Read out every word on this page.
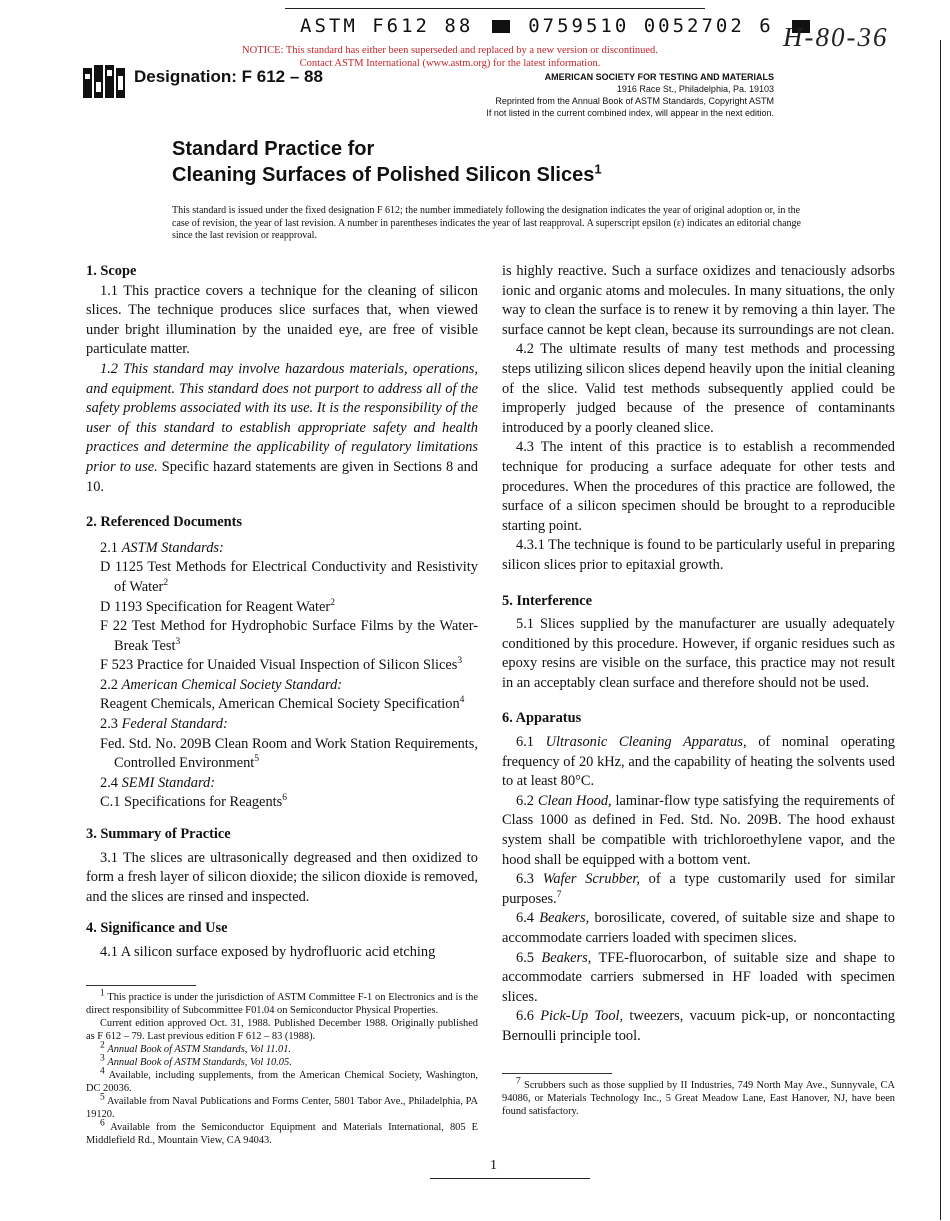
ASTM F612 88	0759510 0052702 6
NOTICE: This standard has either been superseded and replaced by a new version or discontinued.
Contact ASTM International (www.astm.org) for the latest information.
H-80-36
Designation: F 612 – 88	AMERICAN SOCIETY FOR TESTING AND MATERIALS
1916 Race St., Philadelphia, Pa. 19103
Reprinted from the Annual Book of ASTM Standards, Copyright ASTM
If not listed in the current combined index, will appear in the next edition.
Standard Practice for
Cleaning Surfaces of Polished Silicon Slices$^1$
This standard is issued under the fixed designation F 612; the number immediately following the designation indicates the year of original adoption or, in the case of revision, the year of last revision. A number in parentheses indicates the year of last reapproval. A superscript epsilon (ε) indicates an editorial change since the last revision or reapproval.

1. Scope

1.1 This practice covers a technique for the cleaning of silicon slices. The technique produces slice surfaces that, when viewed under bright illumination by the unaided eye, are free of visible particulate matter.

1.2 This standard may involve hazardous materials, operations, and equipment. This standard does not purport to address all of the safety problems associated with its use. It is the responsibility of the user of this standard to establish appropriate safety and health practices and determine the applicability of regulatory limitations prior to use. Specific hazard statements are given in Sections 8 and 10.

2. Referenced Documents

2.1 ASTM Standards:

D 1125 Test Methods for Electrical Conductivity and Resistivity of Water$^2$

D 1193 Specification for Reagent Water$^2$

F 22 Test Method for Hydrophobic Surface Films by the Water-Break Test$^3$

F 523 Practice for Unaided Visual Inspection of Silicon Slices$^3$

2.2 American Chemical Society Standard:

Reagent Chemicals, American Chemical Society Specification$^4$

2.3 Federal Standard:

Fed. Std. No. 209B Clean Room and Work Station Requirements, Controlled Environment$^5$

2.4 SEMI Standard:

C.1 Specifications for Reagents$^6$

3. Summary of Practice

3.1 The slices are ultrasonically degreased and then oxidized to form a fresh layer of silicon dioxide; the silicon dioxide is removed, and the slices are rinsed and inspected.

4. Significance and Use

4.1 A silicon surface exposed by hydrofluoric acid etching

$^1$ This practice is under the jurisdiction of ASTM Committee F-1 on Electronics and is the direct responsibility of Subcommittee F01.04 on Semiconductor Physical Properties.

Current edition approved Oct. 31, 1988. Published December 1988. Originally published as F 612 – 79. Last previous edition F 612 – 83 (1988).

$^2$ Annual Book of ASTM Standards, Vol 11.01.

$^3$ Annual Book of ASTM Standards, Vol 10.05.

$^4$ Available, including supplements, from the American Chemical Society, Washington, DC 20036.

$^5$ Available from Naval Publications and Forms Center, 5801 Tabor Ave., Philadelphia, PA 19120.

$^6$ Available from the Semiconductor Equipment and Materials International, 805 E Middlefield Rd., Mountain View, CA 94043.

is highly reactive. Such a surface oxidizes and tenaciously adsorbs ionic and organic atoms and molecules. In many situations, the only way to clean the surface is to renew it by removing a thin layer. The surface cannot be kept clean, because its surroundings are not clean.

4.2 The ultimate results of many test methods and processing steps utilizing silicon slices depend heavily upon the initial cleaning of the slice. Valid test methods subsequently applied could be improperly judged because of the presence of contaminants introduced by a poorly cleaned slice.

4.3 The intent of this practice is to establish a recommended technique for producing a surface adequate for other tests and procedures. When the procedures of this practice are followed, the surface of a silicon specimen should be brought to a reproducible starting point.

4.3.1 The technique is found to be particularly useful in preparing silicon slices prior to epitaxial growth.

5. Interference

5.1 Slices supplied by the manufacturer are usually adequately conditioned by this procedure. However, if organic residues such as epoxy resins are visible on the surface, this practice may not result in an acceptably clean surface and therefore should not be used.

6. Apparatus

6.1 Ultrasonic Cleaning Apparatus, of nominal operating frequency of 20 kHz, and the capability of heating the solvents used to at least 80°C.

6.2 Clean Hood, laminar-flow type satisfying the requirements of Class 1000 as defined in Fed. Std. No. 209B. The hood exhaust system shall be compatible with trichloroethylene vapor, and the hood shall be equipped with a bottom vent.

6.3 Wafer Scrubber, of a type customarily used for similar purposes.$^7$

6.4 Beakers, borosilicate, covered, of suitable size and shape to accommodate carriers loaded with specimen slices.

6.5 Beakers, TFE-fluorocarbon, of suitable size and shape to accommodate carriers submersed in HF loaded with specimen slices.

6.6 Pick-Up Tool, tweezers, vacuum pick-up, or noncontacting Bernoulli principle tool.

$^7$ Scrubbers such as those supplied by II Industries, 749 North May Ave., Sunnyvale, CA 94086, or Materials Technology Inc., 5 Great Meadow Lane, East Hanover, NJ, have been found satisfactory.

1
